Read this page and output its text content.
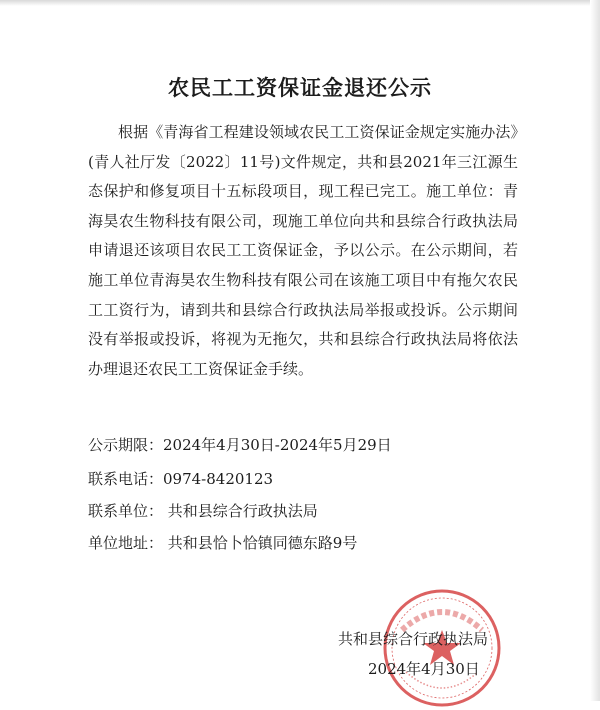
农民工工资保证金退还公示
根据《青海省工程建设领域农民工工资保证金规定实施办法》(青人社厅发〔2022〕11号)文件规定，共和县2021年三江源生态保护和修复项目十五标段项目，现工程已完工。施工单位：青海昊农生物科技有限公司，现施工单位向共和县综合行政执法局申请退还该项目农民工工资保证金，予以公示。在公示期间，若施工单位青海昊农生物科技有限公司在该施工项目中有拖欠农民工工资行为，请到共和县综合行政执法局举报或投诉。公示期间没有举报或投诉，将视为无拖欠，共和县综合行政执法局将依法办理退还农民工工资保证金手续。
公示期限：2024年4月30日-2024年5月29日
联系电话：0974-8420123
联系单位： 共和县综合行政执法局
单位地址： 共和县恰卜恰镇同德东路9号
共和县综合行政执法局
2024年4月30日
